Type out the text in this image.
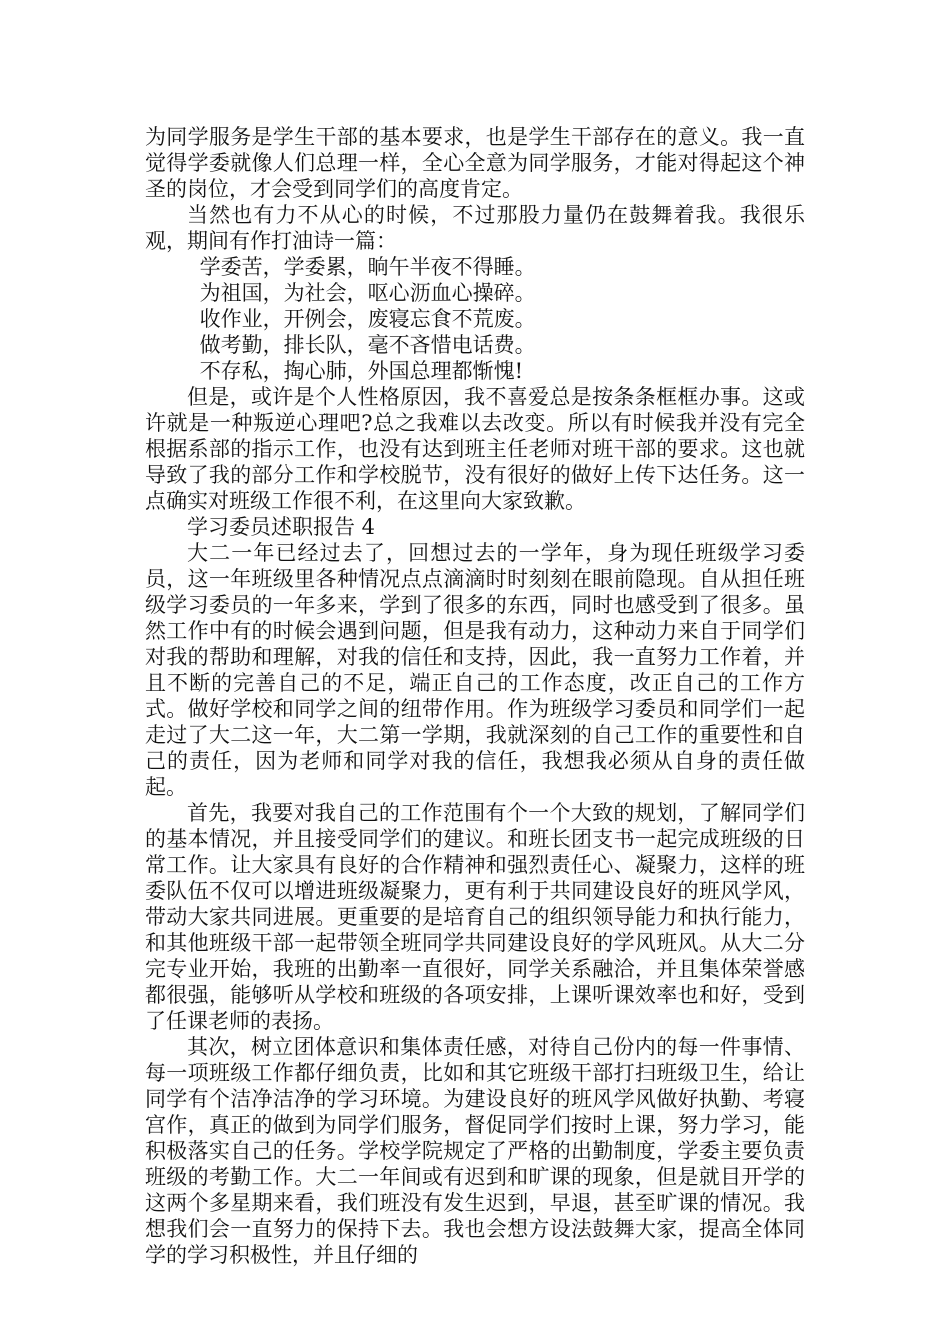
为同学服务是学生干部的基本要求，也是学生干部存在的意义。我一直觉得学委就像人们总理一样，全心全意为同学服务，才能对得起这个神圣的岗位，才会受到同学们的高度肯定。

当然也有力不从心的时候，不过那股力量仍在鼓舞着我。我很乐观，期间有作打油诗一篇：

学委苦，学委累，晌午半夜不得睡。

为祖国，为社会，呕心沥血心操碎。

收作业，开例会，废寝忘食不荒废。

做考勤，排长队，毫不吝惜电话费。

不存私，掏心肺，外国总理都惭愧!

但是，或许是个人性格原因，我不喜爱总是按条条框框办事。这或许就是一种叛逆心理吧?总之我难以去改变。所以有时候我并没有完全根据系部的指示工作，也没有达到班主任老师对班干部的要求。这也就导致了我的部分工作和学校脱节，没有很好的做好上传下达任务。这一点确实对班级工作很不利，在这里向大家致歉。

学习委员述职报告 4

大二一年已经过去了，回想过去的一学年，身为现任班级学习委员，这一年班级里各种情况点点滴滴时时刻刻在眼前隐现。自从担任班级学习委员的一年多来，学到了很多的东西，同时也感受到了很多。虽然工作中有的时候会遇到问题，但是我有动力，这种动力来自于同学们对我的帮助和理解，对我的信任和支持，因此，我一直努力工作着，并且不断的完善自己的不足，端正自己的工作态度，改正自己的工作方式。做好学校和同学之间的纽带作用。作为班级学习委员和同学们一起走过了大二这一年，大二第一学期，我就深刻的自己工作的重要性和自己的责任，因为老师和同学对我的信任，我想我必须从自身的责任做起。

首先，我要对我自己的工作范围有个一个大致的规划，了解同学们的基本情况，并且接受同学们的建议。和班长团支书一起完成班级的日常工作。让大家具有良好的合作精神和强烈责任心、凝聚力，这样的班委队伍不仅可以增进班级凝聚力，更有利于共同建设良好的班风学风，带动大家共同进展。更重要的是培育自己的组织领导能力和执行能力，和其他班级干部一起带领全班同学共同建设良好的学风班风。从大二分完专业开始，我班的出勤率一直很好，同学关系融洽，并且集体荣誉感都很强，能够听从学校和班级的各项安排，上课听课效率也和好，受到了任课老师的表扬。

其次，树立团体意识和集体责任感，对待自己份内的每一件事情、每一项班级工作都仔细负责，比如和其它班级干部打扫班级卫生，给让同学有个洁净洁净的学习环境。为建设良好的班风学风做好执勤、考寝宫作，真正的做到为同学们服务，督促同学们按时上课，努力学习，能积极落实自己的任务。学校学院规定了严格的出勤制度，学委主要负责班级的考勤工作。大二一年间或有迟到和旷课的现象，但是就目开学的这两个多星期来看，我们班没有发生迟到，早退，甚至旷课的情况。我想我们会一直努力的保持下去。我也会想方设法鼓舞大家，提高全体同学的学习积极性，并且仔细的
